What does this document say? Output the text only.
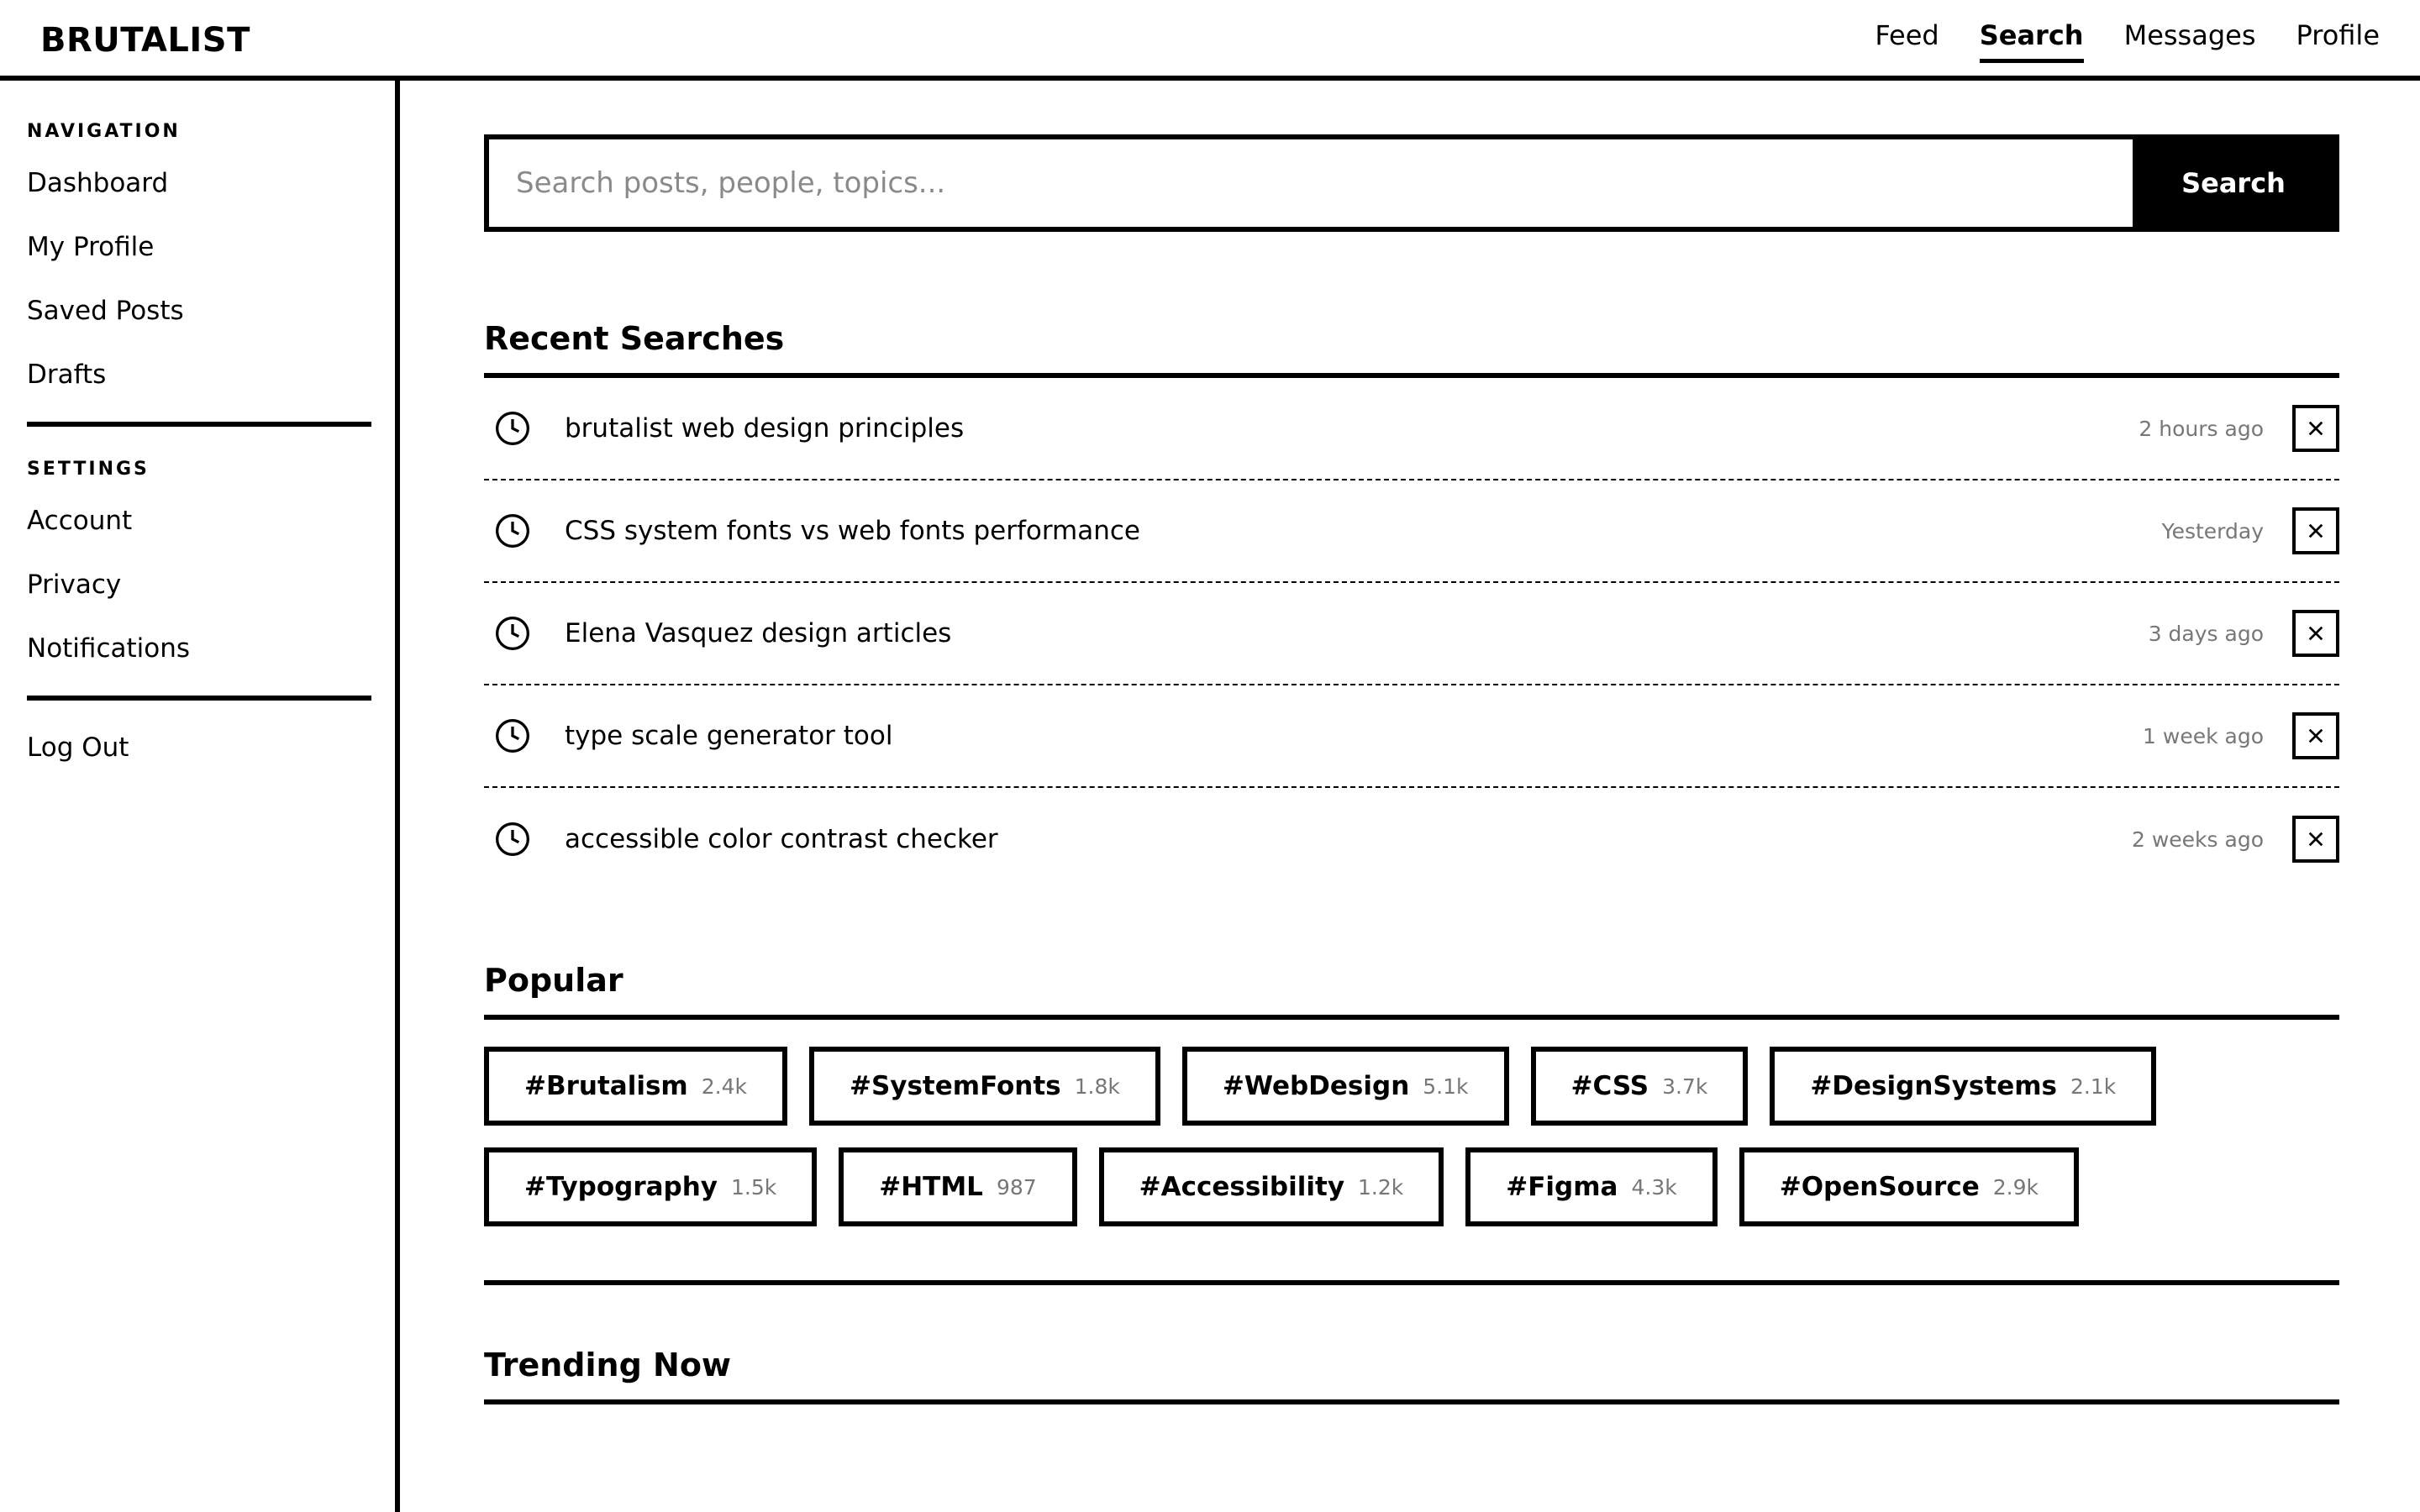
BRUTALIST	Feed Search Messages Profile
NAVIGATION
Dashboard
My Profile
Saved Posts
Drafts
SETTINGS
Account
Privacy
Notifications
Log Out
Search posts, people, topics...
Search
Recent Searches
brutalist web design principles	2 hours ago
CSS system fonts vs web fonts performance	Yesterday
Elena Vasquez design articles	3 days ago
type scale generator tool	1 week ago
accessible color contrast checker	2 weeks ago
Popular
#Brutalism 2.4k	#SystemFonts 1.8k	#WebDesign 5.1k	#CSS 3.7k	#DesignSystems 2.1k
#Typography 1.5k	#HTML 987	#Accessibility 1.2k	#Figma 4.3k	#OpenSource 2.9k
Trending Now
